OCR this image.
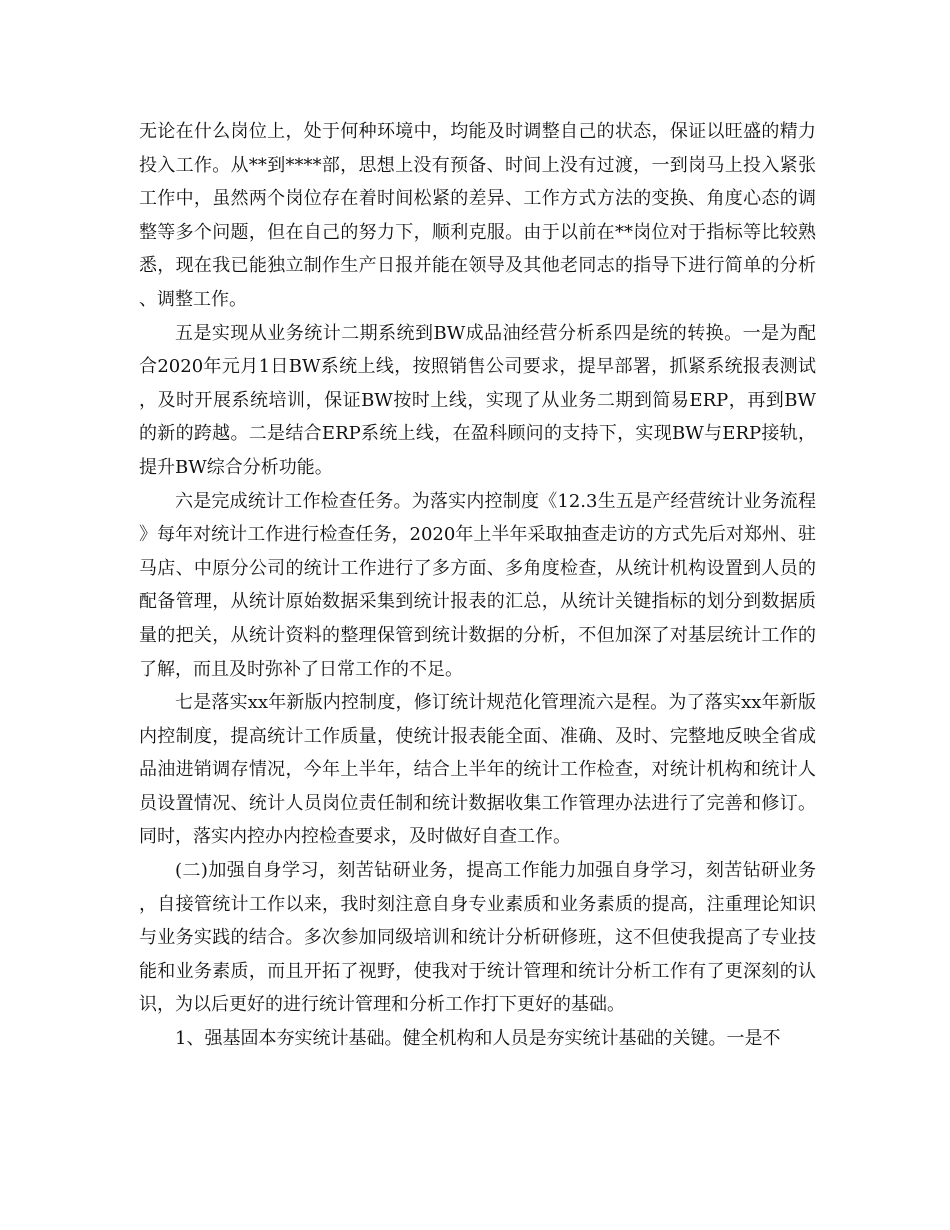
无论在什么岗位上，处于何种环境中，均能及时调整自己的状态，保证以旺盛的精力投入工作。从**到****部，思想上没有预备、时间上没有过渡，一到岗马上投入紧张工作中，虽然两个岗位存在着时间松紧的差异、工作方式方法的变换、角度心态的调整等多个问题，但在自己的努力下，顺利克服。由于以前在**岗位对于指标等比较熟悉，现在我已能独立制作生产日报并能在领导及其他老同志的指导下进行简单的分析、调整工作。

五是实现从业务统计二期系统到BW成品油经营分析系四是统的转换。一是为配合2020年元月1日BW系统上线，按照销售公司要求，提早部署，抓紧系统报表测试，及时开展系统培训，保证BW按时上线，实现了从业务二期到简易ERP，再到BW的新的跨越。二是结合ERP系统上线，在盈科顾问的支持下，实现BW与ERP接轨，提升BW综合分析功能。

六是完成统计工作检查任务。为落实内控制度《12.3生五是产经营统计业务流程》每年对统计工作进行检查任务，2020年上半年采取抽查走访的方式先后对郑州、驻马店、中原分公司的统计工作进行了多方面、多角度检查，从统计机构设置到人员的配备管理，从统计原始数据采集到统计报表的汇总，从统计关键指标的划分到数据质量的把关，从统计资料的整理保管到统计数据的分析，不但加深了对基层统计工作的了解，而且及时弥补了日常工作的不足。

七是落实xx年新版内控制度，修订统计规范化管理流六是程。为了落实xx年新版内控制度，提高统计工作质量，使统计报表能全面、准确、及时、完整地反映全省成品油进销调存情况，今年上半年，结合上半年的统计工作检查，对统计机构和统计人员设置情况、统计人员岗位责任制和统计数据收集工作管理办法进行了完善和修订。同时，落实内控办内控检查要求，及时做好自查工作。

(二)加强自身学习，刻苦钻研业务，提高工作能力加强自身学习，刻苦钻研业务，自接管统计工作以来，我时刻注意自身专业素质和业务素质的提高，注重理论知识与业务实践的结合。多次参加同级培训和统计分析研修班，这不但使我提高了专业技能和业务素质，而且开拓了视野，使我对于统计管理和统计分析工作有了更深刻的认识，为以后更好的进行统计管理和分析工作打下更好的基础。

1、强基固本夯实统计基础。健全机构和人员是夯实统计基础的关键。一是不
